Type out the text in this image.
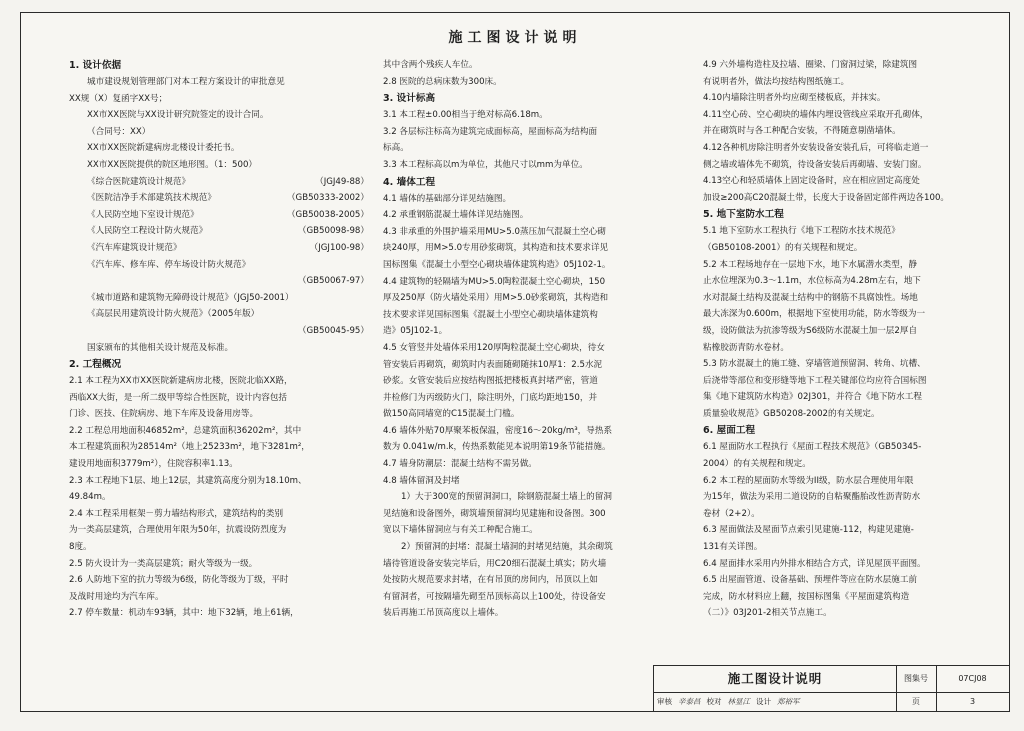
施工图设计说明

1. 设计依据

城市建设规划管理部门对本工程方案设计的审批意见

XX规（X）复函字XX号；

XX市XX医院与XX设计研究院签定的设计合同。

（合同号：XX）

XX市XX医院新建病房北楼设计委托书。

XX市XX医院提供的院区地形图。（1：500）

《综合医院建筑设计规范》	（JGJ49-88）

《医院洁净手术部建筑技术规范》	（GB50333-2002）

《人民防空地下室设计规范》	（GB50038-2005）

《人民防空工程设计防火规范》	（GB50098-98）

《汽车库建筑设计规范》	（JGJ100-98）

《汽车库、修车库、停车场设计防火规范》

（GB50067-97）

《城市道路和建筑物无障碍设计规范》（JGJ50-2001）

《高层民用建筑设计防火规范》（2005年版）

（GB50045-95）

国家颁布的其他相关设计规范及标准。

2. 工程概况

2.1 本工程为XX市XX医院新建病房北楼，医院北临XX路，

西临XX大街，是一所二级甲等综合性医院，设计内容包括

门诊、医技、住院病房、地下车库及设备用房等。

2.2 工程总用地面积46852m²，总建筑面积36202m²，其中

本工程建筑面积为28514m²（地上25233m²，地下3281m²，

建设用地面积3779m²），住院容积率1.13。

2.3 本工程地下1层、地上12层，其建筑高度分别为18.10m、

49.84m。

2.4 本工程采用框架－剪力墙结构形式，建筑结构的类别

为一类高层建筑，合理使用年限为50年，抗震设防烈度为

8度。

2.5 防火设计为一类高层建筑；耐火等级为一级。

2.6 人防地下室的抗力等级为6级，防化等级为丁级，平时

及战时用途均为汽车库。

2.7 停车数量：机动车93辆，其中：地下32辆，地上61辆，

其中含两个残疾人车位。

2.8 医院的总病床数为300床。

3. 设计标高

3.1 本工程±0.00相当于绝对标高6.18m。

3.2 各层标注标高为建筑完成面标高，屋面标高为结构面

标高。

3.3 本工程标高以m为单位，其他尺寸以mm为单位。

4. 墙体工程

4.1 墙体的基础部分详见结施图。

4.2 承重钢筋混凝土墙体详见结施图。

4.3 非承重的外围护墙采用MU>5.0蒸压加气混凝土空心砌

块240厚，用M>5.0专用砂浆砌筑，其构造和技术要求详见

国标图集《混凝土小型空心砌块墙体建筑构造》05J102-1。

4.4 建筑物的轻隔墙为MU>5.0陶粒混凝土空心砌块，150

厚及250厚（防火墙处采用）用M>5.0砂浆砌筑，其构造和

技术要求详见国标图集《混凝土小型空心砌块墙体建筑构

造》05J102-1。

4.5 女管竖井处墙体采用120厚陶粒混凝土空心砌块，待女

管安装后再砌筑，砌筑时内表面随砌随抹10厚1：2.5水泥

砂浆。女管安装后应按结构图抵把楼板真封堵严密，管道

井检修门为丙级防火门，除注明外，门底均距地150，并

做150高同墙宽的C15混凝土门槛。

4.6 墙体外贴70厚聚苯板保温，密度16～20kg/m³，导热系

数为 0.041w/m.k，传热系数能见本说明第19条节能措施。

4.7 墙身防潮层：混凝土结构不需另做。

4.8 墙体留洞及封堵

1）大于300宽的预留洞洞口，除钢筋混凝土墙上的留洞

见结施和设备图外，砌筑墙预留洞均见建施和设备图。300

宽以下墙体留洞应与有关工种配合施工。

2）预留洞的封堵：混凝土墙洞的封堵见结施，其余砌筑

墙待管道设备安装完毕后，用C20细石混凝土填实；防火墙

处按防火规范要求封堵，在有吊顶的房间内，吊顶以上如

有留洞者，可按隔墙先砌至吊顶标高以上100处，待设备安

装后再施工吊顶高度以上墙体。

4.9 六外墙构造柱及拉墙、圈梁、门窗洞过梁，除建筑图

有说明者外，做法均按结构图纸施工。

4.10内墙除注明者外均应砌至楼板底，并抹实。

4.11空心砖、空心砌块的墙体内埋设管线应采取开孔砌体，

并在砌筑时与各工种配合安装，不得随意剔凿墙体。

4.12各种机房除注明者外安装设备安装孔后，可将临走道一

侧之墙或墙体先不砌筑，待设备安装后再砌墙、安装门窗。

4.13空心和轻质墙体上固定设备时，应在相应固定高度处

加设≥200高C20混凝土带，长度大于设备固定部件两边各100。

5. 地下室防水工程

5.1 地下室防水工程执行《地下工程防水技术规范》

（GB50108-2001）的有关规程和规定。

5.2 本工程场地存在一层地下水，地下水属潜水类型，静

止水位埋深为0.3～1.1m，水位标高为4.28m左右，地下

水对混凝土结构及混凝土结构中的钢筋不具腐蚀性。场地

最大冻深为0.600m，根据地下室使用功能，防水等级为一

级，设防做法为抗渗等级为S6级防水混凝土加一层2厚自

粘橡胶沥青防水卷材。

5.3 防水混凝土的施工缝、穿墙管道预留洞、转角、坑槽、

后浇带等部位和变形缝等地下工程关键部位均应符合国标图

集《地下建筑防水构造》02J301，并符合《地下防水工程

质量验收规范》GB50208-2002的有关规定。

6. 屋面工程

6.1 屋面防水工程执行《屋面工程技术规范》（GB50345-

2004）的有关规程和规定。

6.2 本工程的屋面防水等级为II级，防水层合理使用年限

为15年，做法为采用二道设防的自粘聚酯胎改性沥青防水

卷材（2+2）。

6.3 屋面做法及屋面节点索引见建施-112，构建见建施-

131有关详图。

6.4 屋面排水采用内外排水相结合方式，详见屋顶平面图。

6.5 出屋面管道、设备基础、预埋件等应在防水层施工前

完成，防水材料应上翻，按国标图集《平屋面建筑构造

（二）》03J201-2相关节点施工。

施工图设计说明	图集号	07CJ08
审核 辛泰昌 校对 林显江 设计 郑裕军	页	3
